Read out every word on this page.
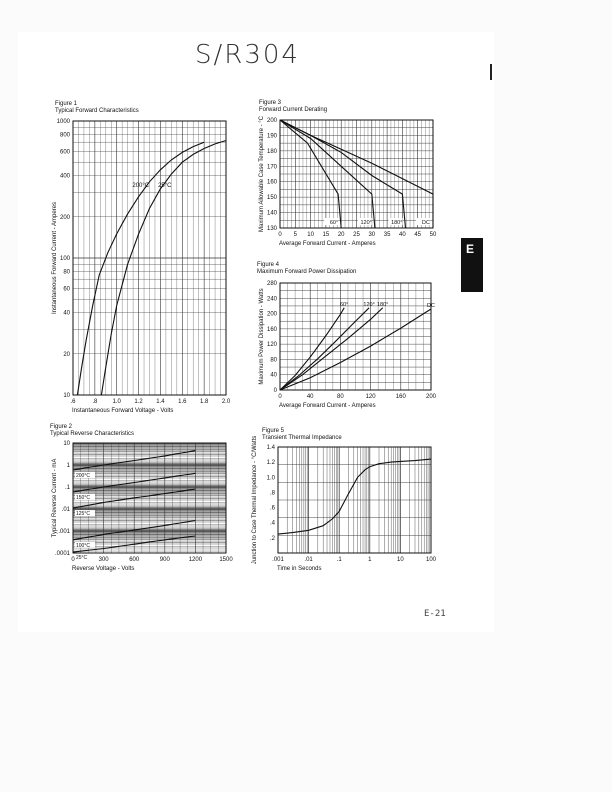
S/R304
E
E-21
Figure 1
Typical Forward Characteristics
.6	.8	1.0 1.2 1.4 1.6 1.8 2.0
10
20
40
60
80
100
200
400
600
800
1000
Instantaneous Forward Voltage - Volts
Instantaneous Forward Current - Amperes
200°C 25°C
Figure 2
Typical Reverse Characteristics
0	300	600	900	1200	1500
.0001
.001
.01
.1
1
10
Reverse Voltage - Volts
Typical Reverse Current - mA	200°C
150°C
125°C
100°C
25°C
Figure 3
Forward Current Derating
0 5 10 15 20 25 30 35 40 45 50
130
140
150
160
170
180
190
200
Average Forward Current - Amperes
Maximum Allowable Case Temperature - °C	60°	120°	180°	DC
Figure 4
Maximum Forward Power Dissipation
0	40	80	120	160	200
0
40
80
120
160
200
240
280
Average Forward Current - Amperes
Maximum Power Dissipation - Watts	60°	120° 180°	DC
Figure 5
Transient Thermal Impedance
.001	.01	.1	1	10	100
.2
.4
.6
.8
1.0
1.2
1.4
Time in Seconds
Junction to Case Thermal Impedance - °C/Watts
